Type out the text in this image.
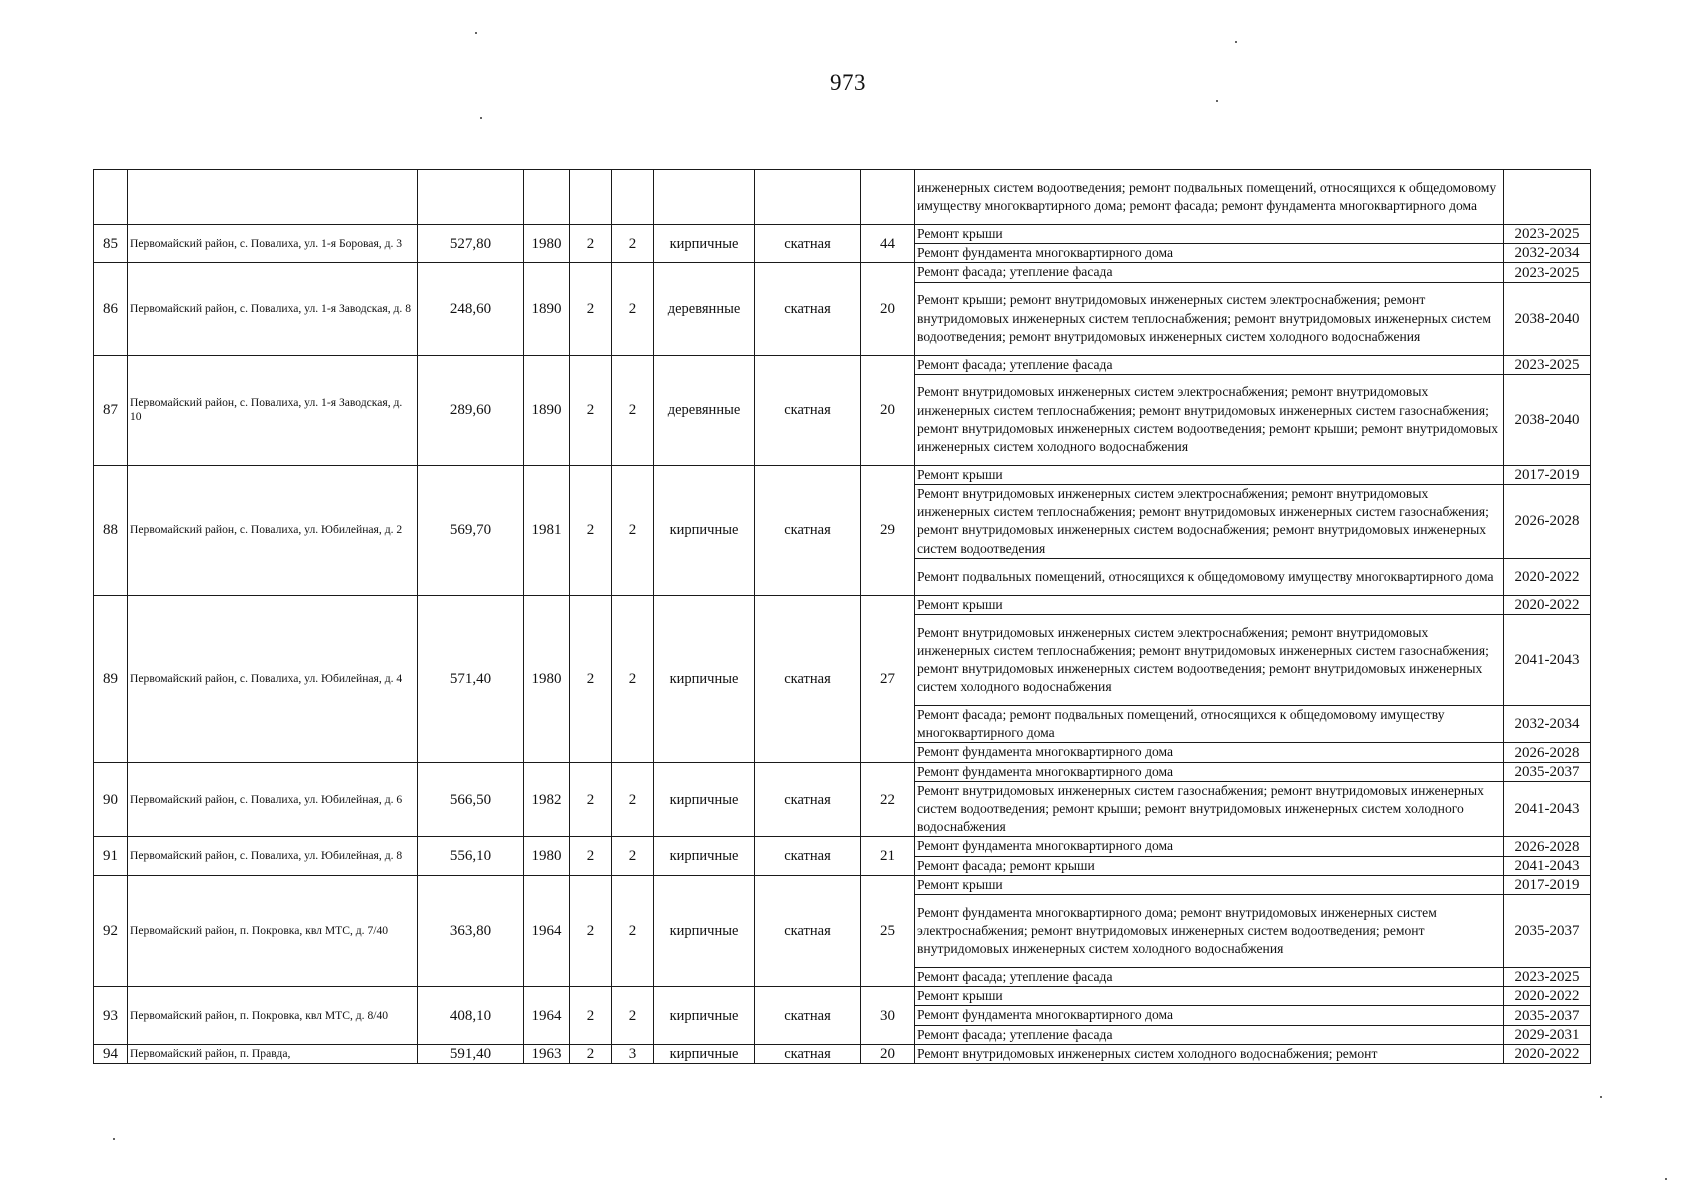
973
									инженерных систем водоотведения; ремонт подвальных помещений, относящихся к общедомовому имуществу многоквартирного дома; ремонт фасада; ремонт фундамента многоквартирного дома	
85	Первомайский район, с. Повалиха, ул. 1-я Боровая, д. 3	527,80	1980	2	2	кирпичные	скатная	44	Ремонт крыши	2023-2025
									Ремонт фундамента многоквартирного дома	2032-2034
86	Первомайский район, с. Повалиха, ул. 1-я Заводская, д. 8	248,60	1890	2	2	деревянные	скатная	20	Ремонт фасада; утепление фасада	2023-2025
									Ремонт крыши; ремонт внутридомовых инженерных систем электроснабжения; ремонт внутридомовых инженерных систем теплоснабжения; ремонт внутридомовых инженерных систем водоотведения; ремонт внутридомовых инженерных систем холодного водоснабжения	2038-2040
87	Первомайский район, с. Повалиха, ул. 1-я Заводская, д. 10	289,60	1890	2	2	деревянные	скатная	20	Ремонт фасада; утепление фасада	2023-2025
									Ремонт внутридомовых инженерных систем электроснабжения; ремонт внутридомовых инженерных систем теплоснабжения; ремонт внутридомовых инженерных систем газоснабжения; ремонт внутридомовых инженерных систем водоотведения; ремонт крыши; ремонт внутридомовых инженерных систем холодного водоснабжения	2038-2040
88	Первомайский район, с. Повалиха, ул. Юбилейная, д. 2	569,70	1981	2	2	кирпичные	скатная	29	Ремонт крыши	2017-2019
									Ремонт внутридомовых инженерных систем электроснабжения; ремонт внутридомовых инженерных систем теплоснабжения; ремонт внутридомовых инженерных систем газоснабжения; ремонт внутридомовых инженерных систем водоснабжения; ремонт внутридомовых инженерных систем водоотведения	2026-2028
									Ремонт подвальных помещений, относящихся к общедомовому имуществу многоквартирного дома	2020-2022
89	Первомайский район, с. Повалиха, ул. Юбилейная, д. 4	571,40	1980	2	2	кирпичные	скатная	27	Ремонт крыши	2020-2022
									Ремонт внутридомовых инженерных систем электроснабжения; ремонт внутридомовых инженерных систем теплоснабжения; ремонт внутридомовых инженерных систем газоснабжения; ремонт внутридомовых инженерных систем водоотведения; ремонт внутридомовых инженерных систем холодного водоснабжения	2041-2043
									Ремонт фасада; ремонт подвальных помещений, относящихся к общедомовому имуществу многоквартирного дома	2032-2034
									Ремонт фундамента многоквартирного дома	2026-2028
90	Первомайский район, с. Повалиха, ул. Юбилейная, д. 6	566,50	1982	2	2	кирпичные	скатная	22	Ремонт фундамента многоквартирного дома	2035-2037
									Ремонт внутридомовых инженерных систем газоснабжения; ремонт внутридомовых инженерных систем водоотведения; ремонт крыши; ремонт внутридомовых инженерных систем холодного водоснабжения	2041-2043
91	Первомайский район, с. Повалиха, ул. Юбилейная, д. 8	556,10	1980	2	2	кирпичные	скатная	21	Ремонт фундамента многоквартирного дома	2026-2028
									Ремонт фасада; ремонт крыши	2041-2043
92	Первомайский район, п. Покровка, квл МТС, д. 7/40	363,80	1964	2	2	кирпичные	скатная	25	Ремонт крыши	2017-2019
									Ремонт фундамента многоквартирного дома; ремонт внутридомовых инженерных систем электроснабжения; ремонт внутридомовых инженерных систем водоотведения; ремонт внутридомовых инженерных систем холодного водоснабжения	2035-2037
									Ремонт фасада; утепление фасада	2023-2025
93	Первомайский район, п. Покровка, квл МТС, д. 8/40	408,10	1964	2	2	кирпичные	скатная	30	Ремонт крыши	2020-2022
									Ремонт фундамента многоквартирного дома	2035-2037
									Ремонт фасада; утепление фасада	2029-2031
94	Первомайский район, п. Правда,	591,40	1963	2	3	кирпичные	скатная	20	Ремонт внутридомовых инженерных систем холодного водоснабжения; ремонт	2020-2022
